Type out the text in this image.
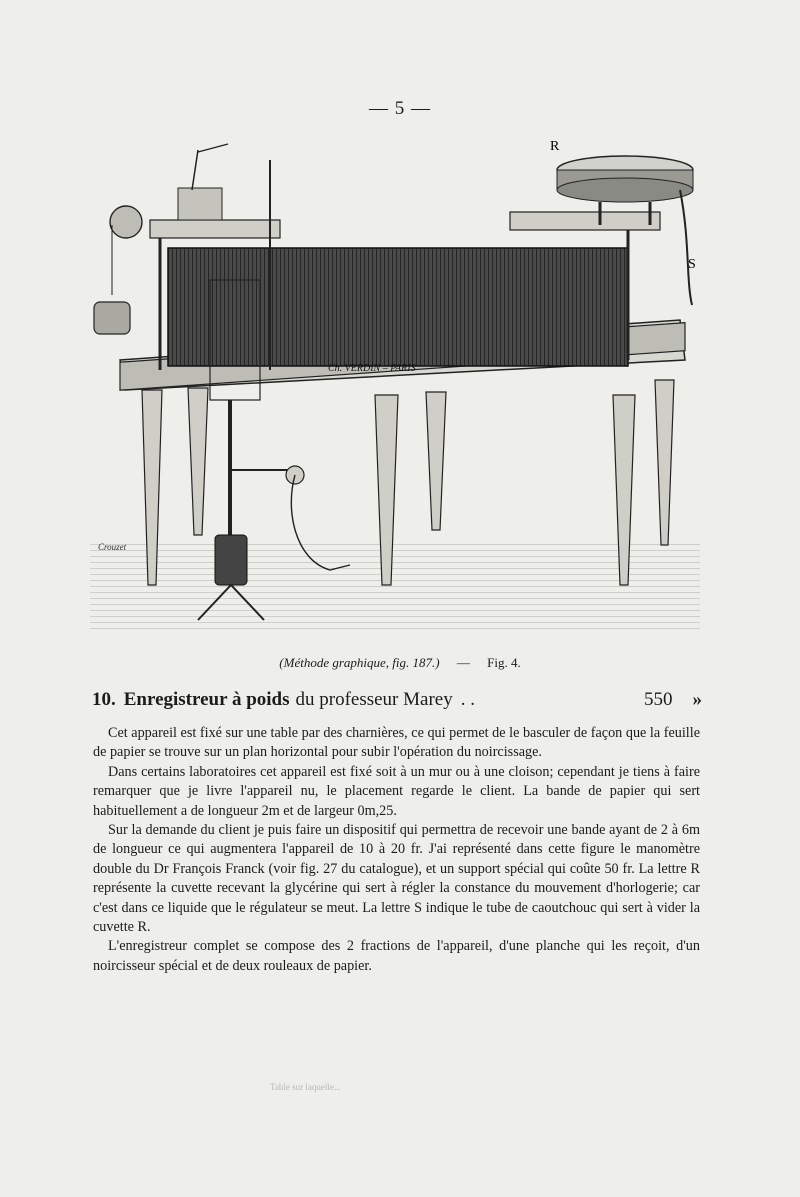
— 5 —
R
S
Ch. VERDIN – PARIS
Crouzet
(Méthode graphique, fig. 187.) — Fig. 4.
10. Enregistreur à poids du professeur Marey . .	550 »

Cet appareil est fixé sur une table par des charnières, ce qui permet de le basculer de façon que la feuille de papier se trouve sur un plan horizontal pour subir l'opération du noircissage.

Dans certains laboratoires cet appareil est fixé soit à un mur ou à une cloison; cependant je tiens à faire remarquer que je livre l'appareil nu, le placement regarde le client. La bande de papier qui sert habituellement a de longueur 2m et de largeur 0m,25.

Sur la demande du client je puis faire un dispositif qui permettra de recevoir une bande ayant de 2 à 6m de longueur ce qui augmentera l'appareil de 10 à 20 fr. J'ai représenté dans cette figure le manomètre double du Dr François Franck (voir fig. 27 du catalogue), et un support spécial qui coûte 50 fr. La lettre R représente la cuvette recevant la glycérine qui sert à régler la constance du mouvement d'horlogerie; car c'est dans ce liquide que le régulateur se meut. La lettre S indique le tube de caoutchouc qui sert à vider la cuvette R.

L'enregistreur complet se compose des 2 fractions de l'appareil, d'une planche qui les reçoit, d'un noircisseur spécial et de deux rouleaux de papier.

Table sur laquelle...
